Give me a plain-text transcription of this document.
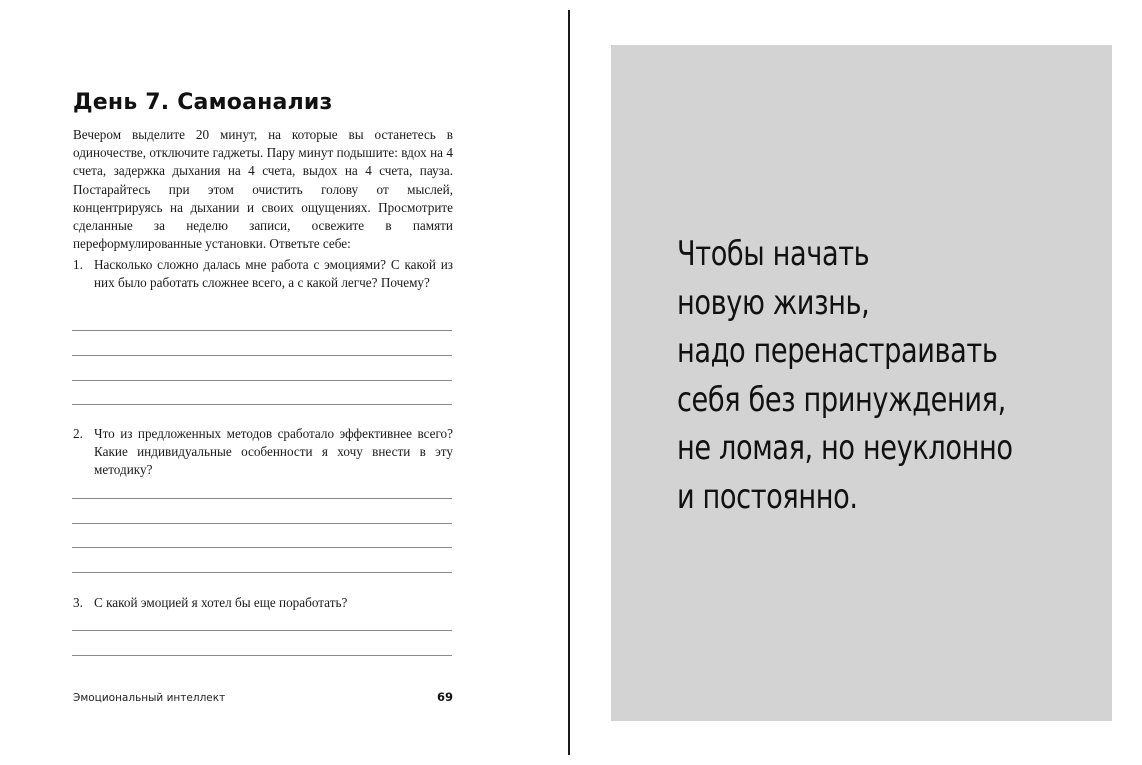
День 7. Самоанализ

Вечером выделите 20 минут, на которые вы останетесь в одиночестве, отключите гаджеты. Пару минут подышите: вдох на 4 счета, задержка дыхания на 4 счета, выдох на 4 счета, пауза. Постарайтесь при этом очистить голову от мыслей, концентрируясь на дыхании и своих ощущениях. Просмотрите сделанные за неделю записи, освежите в памяти переформулированные установки. Ответьте себе:

1. Насколько сложно далась мне работа с эмоциями? С какой из них было работать сложнее всего, а с какой легче? Почему?
2. Что из предложенных методов сработало эффективнее всего? Какие индивидуальные особенности я хочу внести в эту методику?
3. С какой эмоцией я хотел бы еще поработать?
Эмоциональный интеллект	69

Чтобы начать
новую жизнь,
надо перенастраивать
себя без принуждения,
не ломая, но неуклонно
и постоянно.
